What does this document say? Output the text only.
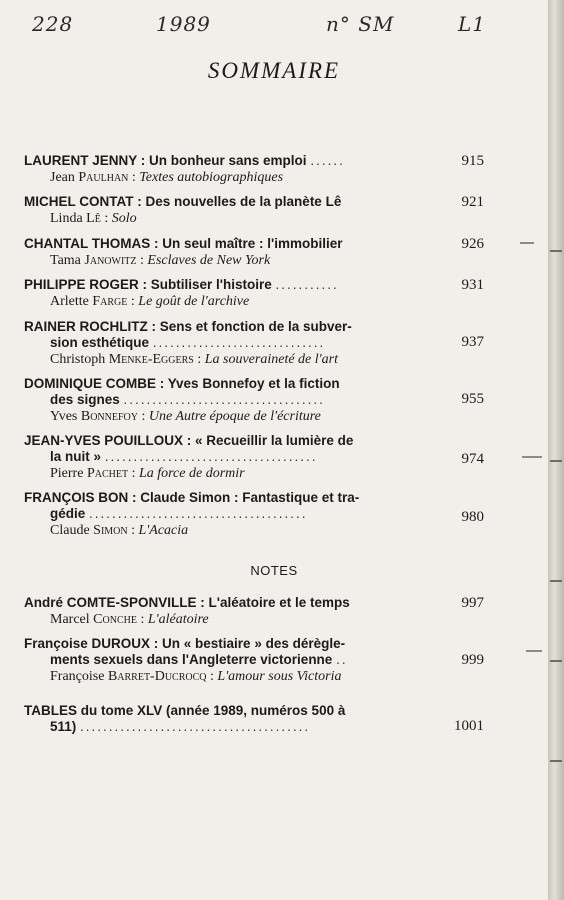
228	1989	n° SM	L1
SOMMAIRE
LAURENT JENNY : Un bonheur sans emploi ......
Jean Paulhan : Textes autobiographiques
915
MICHEL CONTAT : Des nouvelles de la planète Lê
Linda Lê : Solo
921
CHANTAL THOMAS : Un seul maître : l'immobilier
Tama Janowitz : Esclaves de New York
926
PHILIPPE ROGER : Subtiliser l'histoire ...........
Arlette Farge : Le goût de l'archive
931
RAINER ROCHLITZ : Sens et fonction de la subver-
sion esthétique ..............................
Christoph Menke-Eggers : La souveraineté de l'art
937
DOMINIQUE COMBE : Yves Bonnefoy et la fiction
des signes ...................................
Yves Bonnefoy : Une Autre époque de l'écriture
955
JEAN-YVES POUILLOUX : « Recueillir la lumière de
la nuit » .....................................
Pierre Pachet : La force de dormir
974
FRANÇOIS BON : Claude Simon : Fantastique et tra-
gédie ......................................
Claude Simon : L'Acacia
980
NOTES
André COMTE-SPONVILLE : L'aléatoire et le temps
Marcel Conche : L'aléatoire
997
Françoise DUROUX : Un « bestiaire » des dérègle-
ments sexuels dans l'Angleterre victorienne ..
Françoise Barret-Ducrocq : L'amour sous Victoria
999
TABLES du tome XLV (année 1989, numéros 500 à
511) ........................................	1001
